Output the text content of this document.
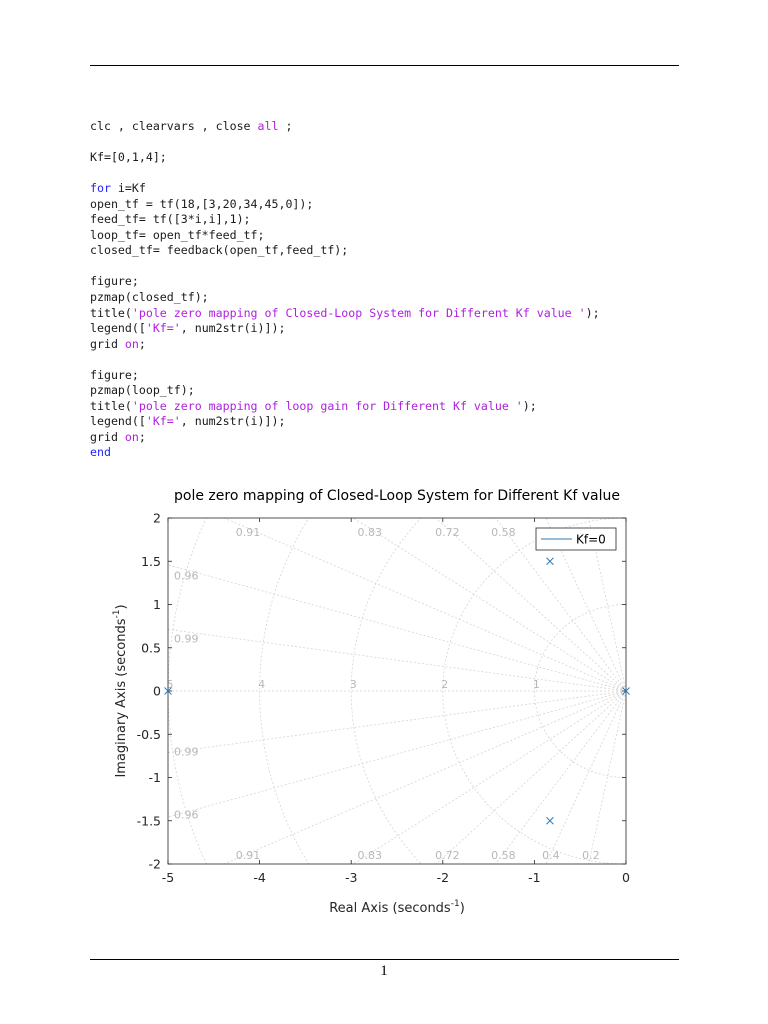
clc , clearvars , close all ;
Kf=[0,1,4];
for i=Kf
open_tf = tf(18,[3,20,34,45,0]);
feed_tf= tf([3*i,i],1);
loop_tf= open_tf*feed_tf;
closed_tf= feedback(open_tf,feed_tf);
figure;
pzmap(closed_tf);
title('pole zero mapping of Closed-Loop System for Different Kf value ');
legend(['Kf=', num2str(i)]);
grid on;
figure;
pzmap(loop_tf);
title('pole zero mapping of loop gain for Different Kf value ');
legend(['Kf=', num2str(i)]);
grid on;
end
0.2
0.4
0.58
0.58
0.72
0.72
0.83
0.83
0.91
0.91
0.96
0.96
0.99
0.99
1
2
3
4
5
-5	-4	-3	-2	-1	0
-2
-1.5
-1
-0.5
0
0.5
1
1.5
2
pole zero mapping of Closed-Loop System for Different Kf value
Real Axis (seconds$^{-1}$)
Imaginary Axis (seconds$^{-1}$)
Kf=0
1
